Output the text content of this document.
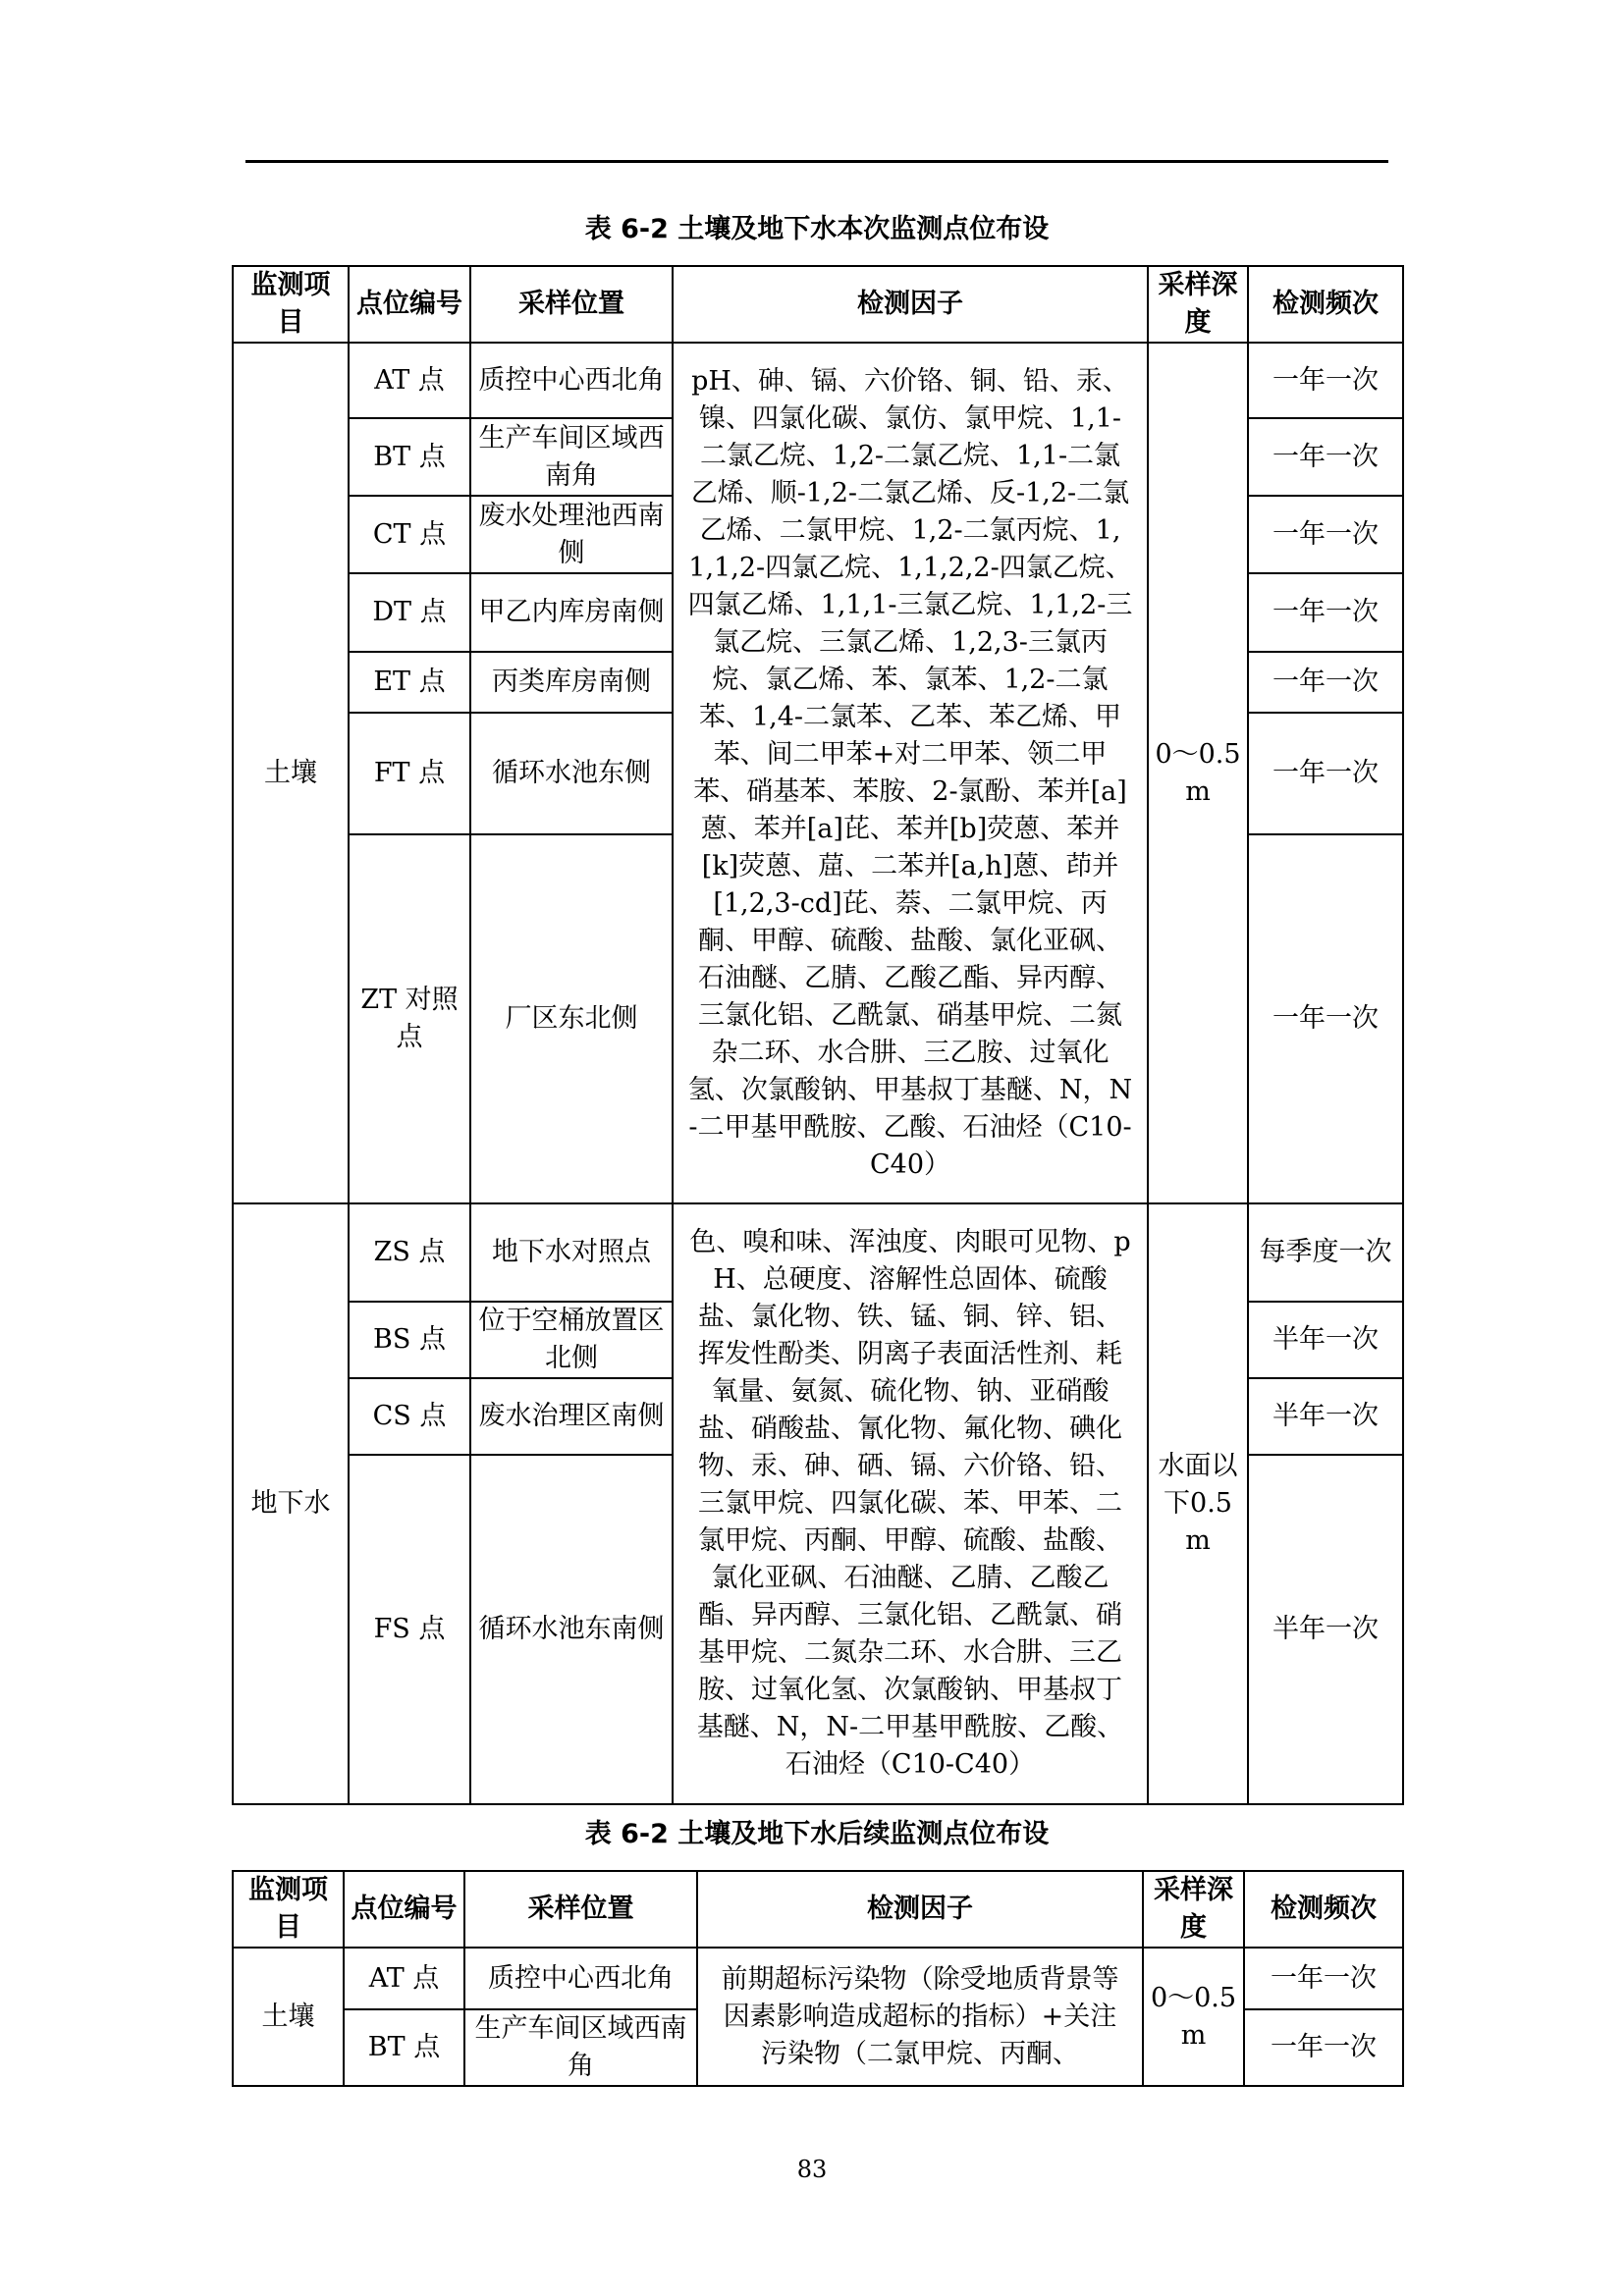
表 6-2 土壤及地下水本次监测点位布设
监测项目	点位编号	采样位置	检测因子	采样深度	检测频次
土壤	AT 点	质控中心西北角	pH、砷、镉、六价铬、铜、铅、汞、镍、四氯化碳、氯仿、氯甲烷、1,1-二氯乙烷、1,2-二氯乙烷、1,1-二氯乙烯、顺-1,2-二氯乙烯、反-1,2-二氯乙烯、二氯甲烷、1,2-二氯丙烷、1,1,1,2-四氯乙烷、1,1,2,2-四氯乙烷、四氯乙烯、1,1,1-三氯乙烷、1,1,2-三氯乙烷、三氯乙烯、1,2,3-三氯丙烷、氯乙烯、苯、氯苯、1,2-二氯苯、1,4-二氯苯、乙苯、苯乙烯、甲苯、间二甲苯+对二甲苯、领二甲苯、硝基苯、苯胺、2-氯酚、苯并[a]蒽、苯并[a]芘、苯并[b]荧蒽、苯并[k]荧蒽、䓛、二苯并[a,h]蒽、茚并[1,2,3-cd]芘、萘、二氯甲烷、丙酮、甲醇、硫酸、盐酸、氯化亚砜、石油醚、乙腈、乙酸乙酯、异丙醇、三氯化铝、乙酰氯、硝基甲烷、二氮杂二环、水合肼、三乙胺、过氧化氢、次氯酸钠、甲基叔丁基醚、N，N-二甲基甲酰胺、乙酸、石油烃（C10-C40）	0～0.5m	一年一次
	BT 点	生产车间区域西南角			一年一次
	CT 点	废水处理池西南侧			一年一次
	DT 点	甲乙内库房南侧			一年一次
	ET 点	丙类库房南侧			一年一次
	FT 点	循环水池东侧			一年一次
	ZT 对照点	厂区东北侧			一年一次
地下水	ZS 点	地下水对照点	色、嗅和味、浑浊度、肉眼可见物、pH、总硬度、溶解性总固体、硫酸盐、氯化物、铁、锰、铜、锌、铝、挥发性酚类、阴离子表面活性剂、耗氧量、氨氮、硫化物、钠、亚硝酸盐、硝酸盐、氰化物、氟化物、碘化物、汞、砷、硒、镉、六价铬、铅、三氯甲烷、四氯化碳、苯、甲苯、二氯甲烷、丙酮、甲醇、硫酸、盐酸、氯化亚砜、石油醚、乙腈、乙酸乙酯、异丙醇、三氯化铝、乙酰氯、硝基甲烷、二氮杂二环、水合肼、三乙胺、过氧化氢、次氯酸钠、甲基叔丁基醚、N，N-二甲基甲酰胺、乙酸、石油烃（C10-C40）	水面以下0.5m	每季度一次
	BS 点	位于空桶放置区北侧			半年一次
	CS 点	废水治理区南侧			半年一次
	FS 点	循环水池东南侧			半年一次
表 6-2 土壤及地下水后续监测点位布设
监测项目	点位编号	采样位置	检测因子	采样深度	检测频次
土壤	AT 点	质控中心西北角	前期超标污染物（除受地质背景等因素影响造成超标的指标）+关注污染物（二氯甲烷、丙酮、	0～0.5m	一年一次
	BT 点	生产车间区域西南角			一年一次
83
